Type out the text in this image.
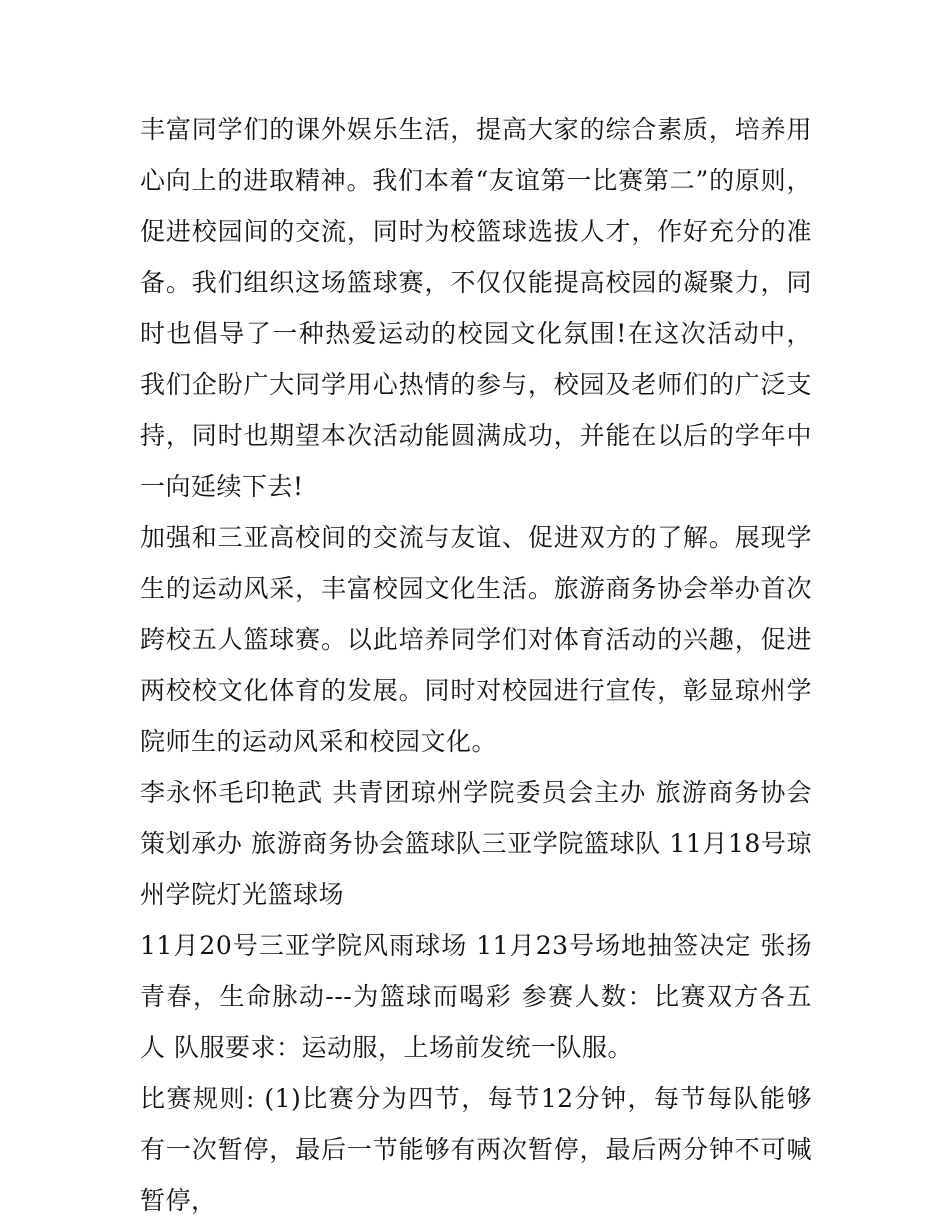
丰富同学们的课外娱乐生活，提高大家的综合素质，培养用心向上的进取精神。我们本着“友谊第一比赛第二”的原则，促进校园间的交流，同时为校篮球选拔人才，作好充分的准备。我们组织这场篮球赛，不仅仅能提高校园的凝聚力，同时也倡导了一种热爱运动的校园文化氛围!在这次活动中，我们企盼广大同学用心热情的参与，校园及老师们的广泛支持，同时也期望本次活动能圆满成功，并能在以后的学年中一向延续下去!

加强和三亚高校间的交流与友谊、促进双方的了解。展现学生的运动风采，丰富校园文化生活。旅游商务协会举办首次跨校五人篮球赛。以此培养同学们对体育活动的兴趣，促进两校校文化体育的发展。同时对校园进行宣传，彰显琼州学院师生的运动风采和校园文化。

李永怀毛印艳武 共青团琼州学院委员会主办 旅游商务协会策划承办 旅游商务协会篮球队三亚学院篮球队 11月18号琼州学院灯光篮球场

11月20号三亚学院风雨球场 11月23号场地抽签决定 张扬青春，生命脉动---为篮球而喝彩 参赛人数：比赛双方各五人 队服要求：运动服，上场前发统一队服。

比赛规则: (1)比赛分为四节，每节12分钟，每节每队能够有一次暂停，最后一节能够有两次暂停，最后两分钟不可喊暂停，
